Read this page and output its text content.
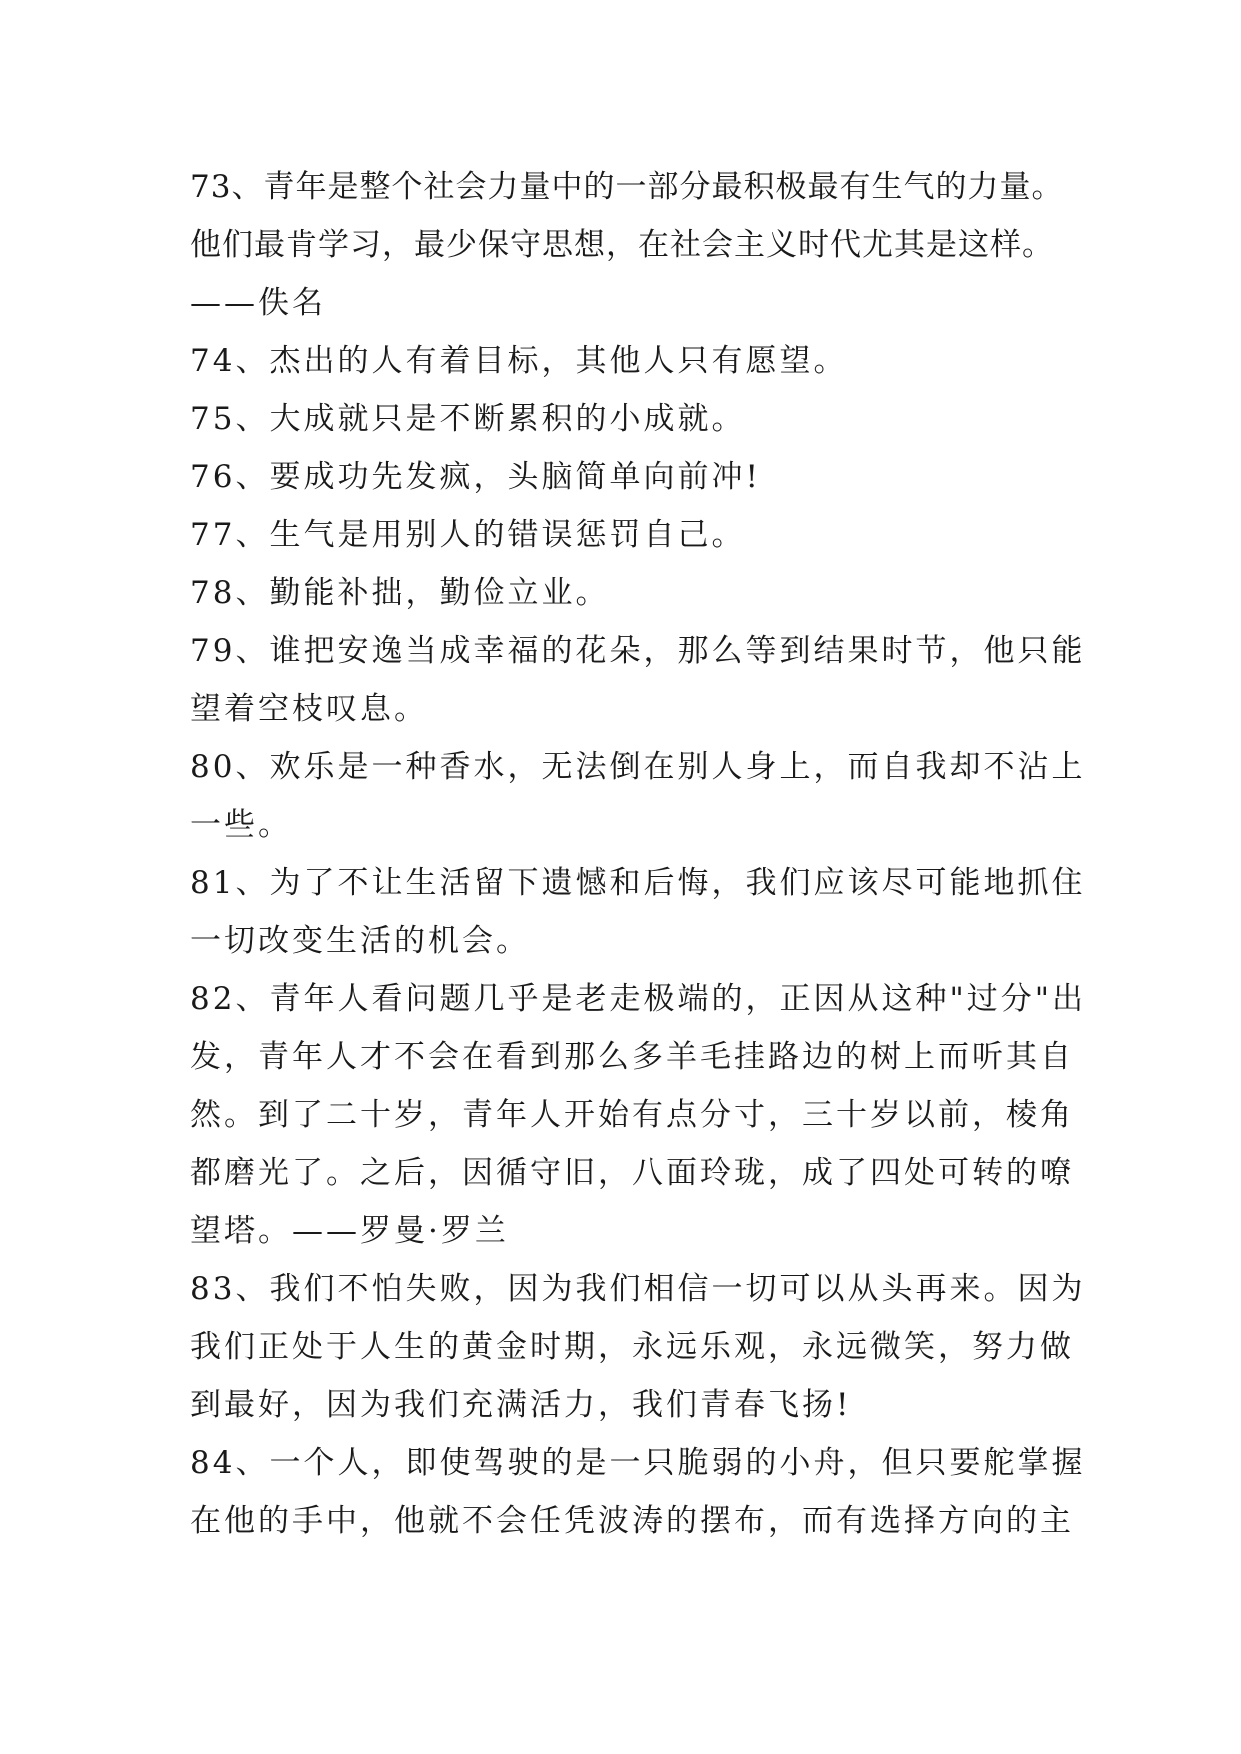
73、青年是整个社会力量中的一部分最积极最有生气的力量。
他们最肯学习，最少保守思想，在社会主义时代尤其是这样。
——佚名
74、杰出的人有着目标，其他人只有愿望。
75、大成就只是不断累积的小成就。
76、要成功先发疯，头脑简单向前冲!
77、生气是用别人的错误惩罚自己。
78、勤能补拙，勤俭立业。
79、谁把安逸当成幸福的花朵，那么等到结果时节，他只能
望着空枝叹息。
80、欢乐是一种香水，无法倒在别人身上，而自我却不沾上
一些。
81、为了不让生活留下遗憾和后悔，我们应该尽可能地抓住
一切改变生活的机会。
82、青年人看问题几乎是老走极端的，正因从这种"过分"出
发，青年人才不会在看到那么多羊毛挂路边的树上而听其自
然。到了二十岁，青年人开始有点分寸，三十岁以前，棱角
都磨光了。之后，因循守旧，八面玲珑，成了四处可转的嘹
望塔。——罗曼·罗兰
83、我们不怕失败，因为我们相信一切可以从头再来。因为
我们正处于人生的黄金时期，永远乐观，永远微笑，努力做
到最好，因为我们充满活力，我们青春飞扬!
84、一个人，即使驾驶的是一只脆弱的小舟，但只要舵掌握
在他的手中，他就不会任凭波涛的摆布，而有选择方向的主
